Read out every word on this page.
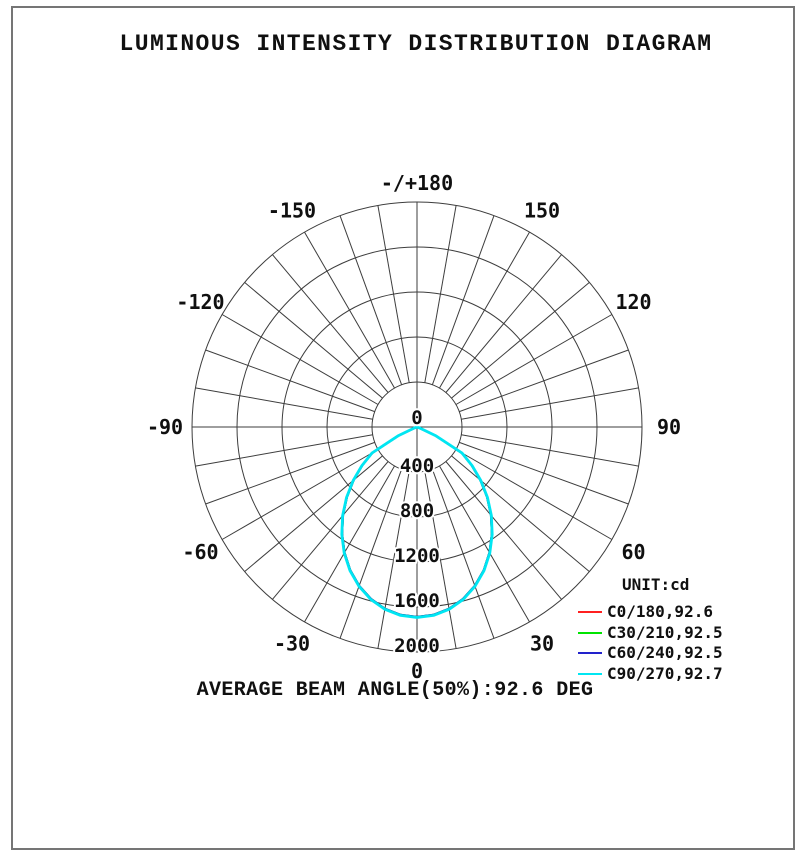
LUMINOUS INTENSITY DISTRIBUTION DIAGRAM
0
400
800
1200
1600
2000
0
30
60
90
120
150
-/+180
-150
-120
-90
-60
-30
UNIT:cd
C0/180,92.6
C30/210,92.5
C60/240,92.5
C90/270,92.7
AVERAGE BEAM ANGLE(50%):92.6 DEG
